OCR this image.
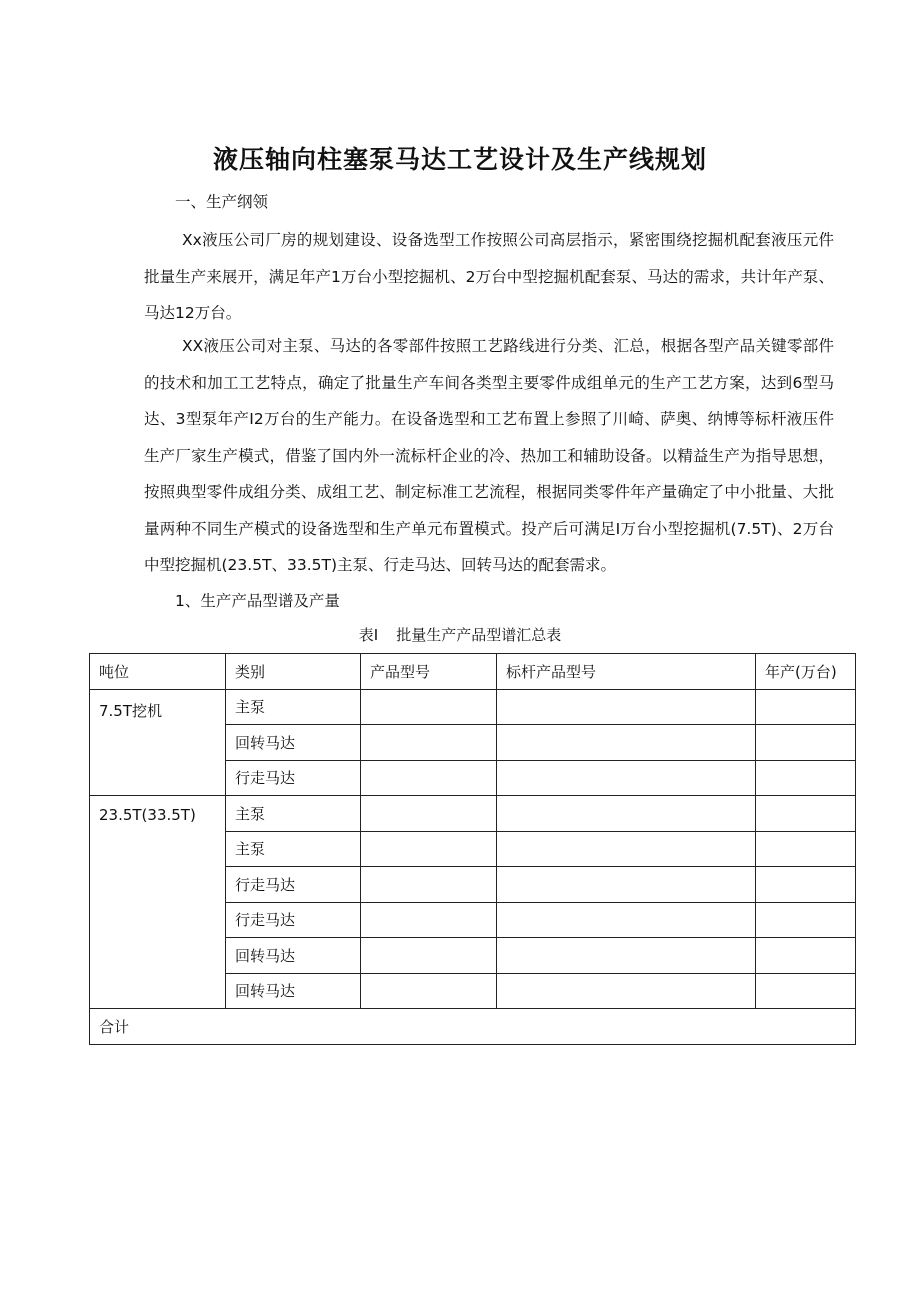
液压轴向柱塞泵马达工艺设计及生产线规划
一、生产纲领

Xx液压公司厂房的规划建设、设备选型工作按照公司高层指示，紧密围绕挖掘机配套液压元件批量生产来展开，满足年产1万台小型挖掘机、2万台中型挖掘机配套泵、马达的需求，共计年产泵、马达12万台。

XX液压公司对主泵、马达的各零部件按照工艺路线进行分类、汇总，根据各型产品关键零部件的技术和加工工艺特点，确定了批量生产车间各类型主要零件成组单元的生产工艺方案，达到6型马达、3型泵年产I2万台的生产能力。在设备选型和工艺布置上参照了川崎、萨奥、纳博等标杆液压件生产厂家生产模式，借鉴了国内外一流标杆企业的冷、热加工和辅助设备。以精益生产为指导思想，按照典型零件成组分类、成组工艺、制定标准工艺流程，根据同类零件年产量确定了中小批量、大批量两种不同生产模式的设备选型和生产单元布置模式。投产后可满足I万台小型挖掘机(7.5T)、2万台中型挖掘机(23.5T、33.5T)主泵、行走马达、回转马达的配套需求。

1、生产产品型谱及产量
表I 批量生产产品型谱汇总表
吨位	类别	产品型号	标杆产品型号	年产(万台)
7.5T挖机	主泵			
	回转马达			
	行走马达			
23.5T(33.5T)	主泵			
	主泵			
	行走马达			
	行走马达			
	回转马达			
	回转马达			
合计				
